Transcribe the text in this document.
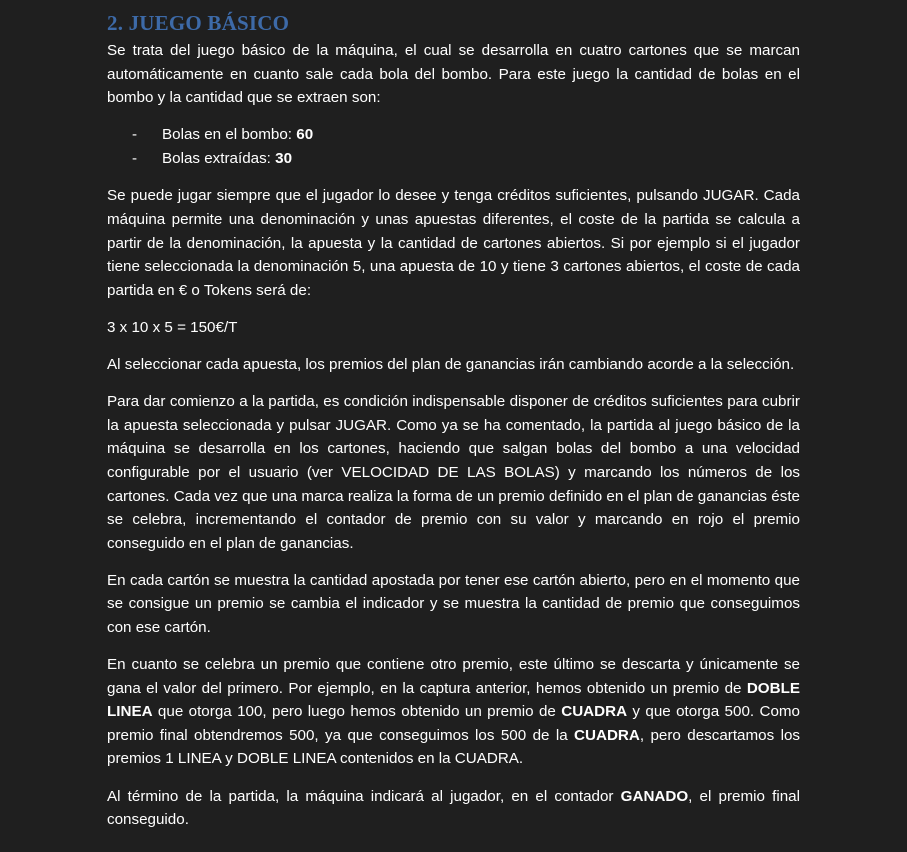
2. JUEGO BÁSICO

Se trata del juego básico de la máquina, el cual se desarrolla en cuatro cartones que se marcan automáticamente en cuanto sale cada bola del bombo. Para este juego la cantidad de bolas en el bombo y la cantidad que se extraen son:

- Bolas en el bombo: 60
- Bolas extraídas: 30

Se puede jugar siempre que el jugador lo desee y tenga créditos suficientes, pulsando JUGAR. Cada máquina permite una denominación y unas apuestas diferentes, el coste de la partida se calcula a partir de la denominación, la apuesta y la cantidad de cartones abiertos. Si por ejemplo si el jugador tiene seleccionada la denominación 5, una apuesta de 10 y tiene 3 cartones abiertos, el coste de cada partida en € o Tokens será de:

3 x 10 x 5 = 150€/T

Al seleccionar cada apuesta, los premios del plan de ganancias irán cambiando acorde a la selección.

Para dar comienzo a la partida, es condición indispensable disponer de créditos suficientes para cubrir la apuesta seleccionada y pulsar JUGAR. Como ya se ha comentado, la partida al juego básico de la máquina se desarrolla en los cartones, haciendo que salgan bolas del bombo a una velocidad configurable por el usuario (ver VELOCIDAD DE LAS BOLAS) y marcando los números de los cartones. Cada vez que una marca realiza la forma de un premio definido en el plan de ganancias éste se celebra, incrementando el contador de premio con su valor y marcando en rojo el premio conseguido en el plan de ganancias.

En cada cartón se muestra la cantidad apostada por tener ese cartón abierto, pero en el momento que se consigue un premio se cambia el indicador y se muestra la cantidad de premio que conseguimos con ese cartón.

En cuanto se celebra un premio que contiene otro premio, este último se descarta y únicamente se gana el valor del primero. Por ejemplo, en la captura anterior, hemos obtenido un premio de DOBLE LINEA que otorga 100, pero luego hemos obtenido un premio de CUADRA y que otorga 500. Como premio final obtendremos 500, ya que conseguimos los 500 de la CUADRA, pero descartamos los premios 1 LINEA y DOBLE LINEA contenidos en la CUADRA.

Al término de la partida, la máquina indicará al jugador, en el contador GANADO, el premio final conseguido.
